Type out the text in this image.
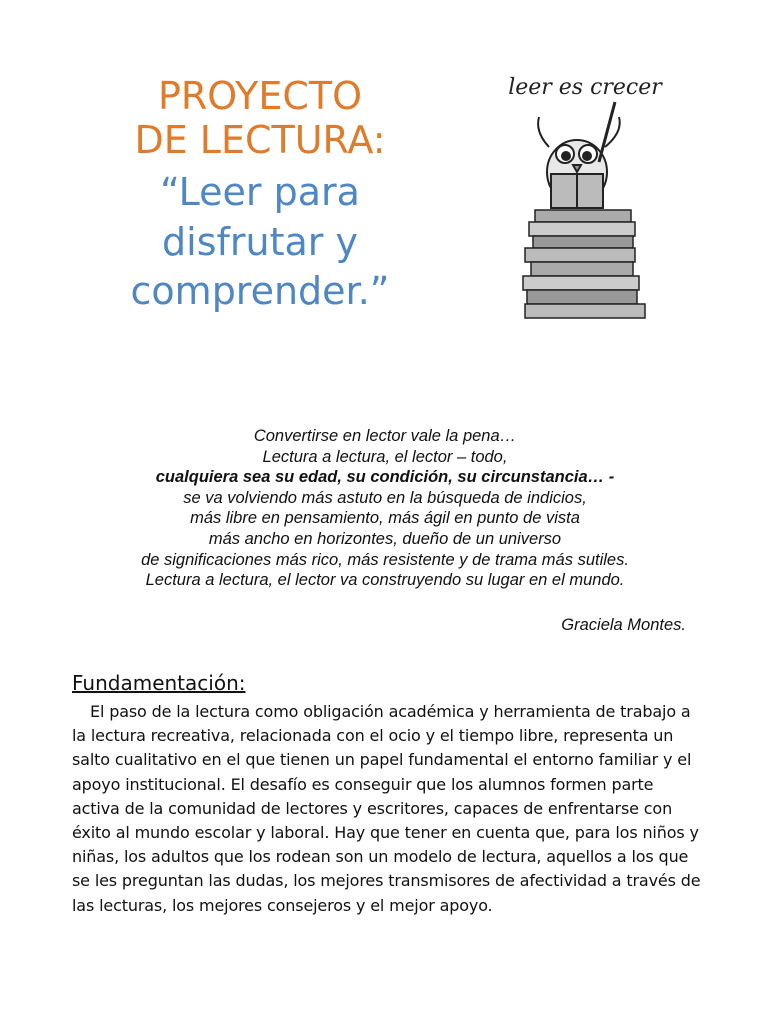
PROYECTO
DE LECTURA:
“Leer para
disfrutar y
comprender.”
leer es crecer
Convertirse en lector vale la pena…
Lectura a lectura, el lector – todo,
cualquiera sea su edad, su condición, su circunstancia… -
se va volviendo más astuto en la búsqueda de indicios,
más libre en pensamiento, más ágil en punto de vista
más ancho en horizontes, dueño de un universo
de significaciones más rico, más resistente y de trama más sutiles.
Lectura a lectura, el lector va construyendo su lugar en el mundo.
Graciela Montes.
Fundamentación:
El paso de la lectura como obligación académica y herramienta de trabajo a la lectura recreativa, relacionada con el ocio y el tiempo libre, representa un salto cualitativo en el que tienen un papel fundamental el entorno familiar y el apoyo institucional. El desafío es conseguir que los alumnos formen parte activa de la comunidad de lectores y escritores, capaces de enfrentarse con éxito al mundo escolar y laboral. Hay que tener en cuenta que, para los niños y niñas, los adultos que los rodean son un modelo de lectura, aquellos a los que se les preguntan las dudas, los mejores transmisores de afectividad a través de las lecturas, los mejores consejeros y el mejor apoyo.
